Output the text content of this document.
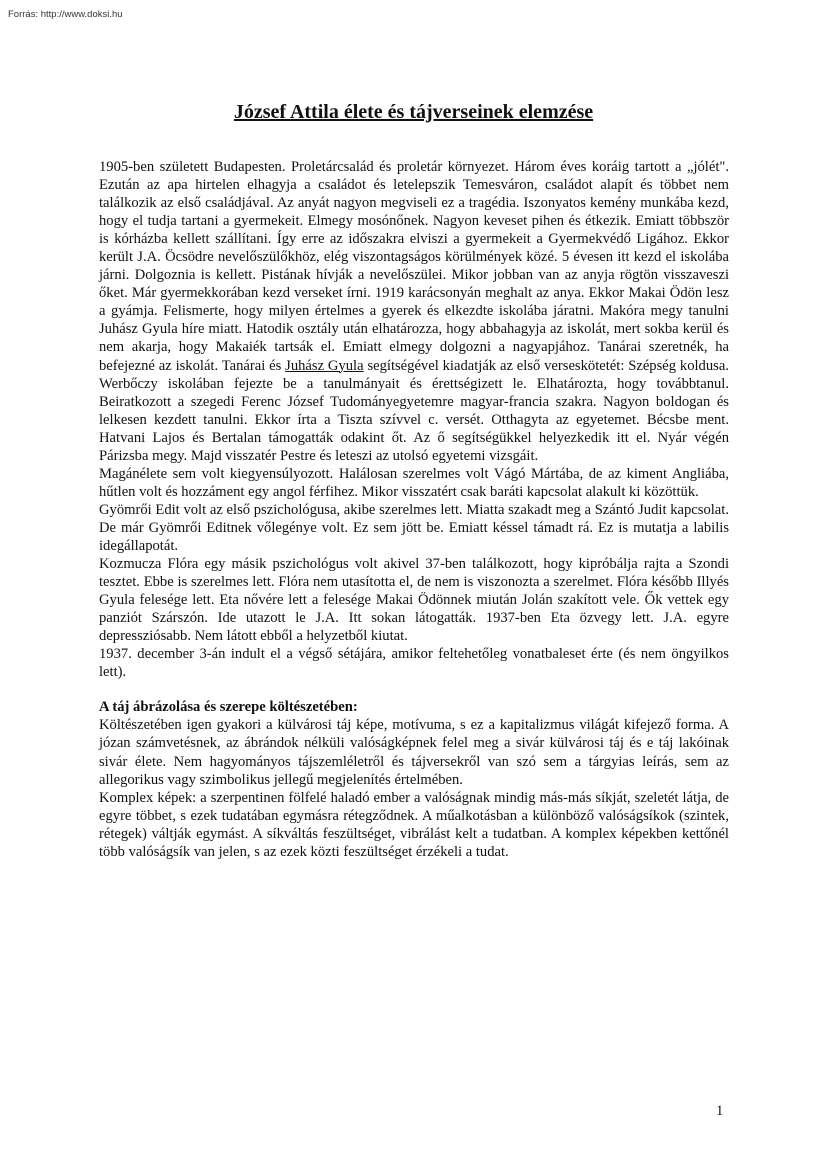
Forrás: http://www.doksi.hu
József Attila élete és tájverseinek elemzése

1905-ben született Budapesten. Proletárcsalád és proletár környezet. Három éves koráig tartott a „jólét". Ezután az apa hirtelen elhagyja a családot és letelepszik Temesváron, családot alapít és többet nem találkozik az első családjával. Az anyát nagyon megviseli ez a tragédia. Iszonyatos kemény munkába kezd, hogy el tudja tartani a gyermekeit. Elmegy mosónőnek. Nagyon keveset pihen és étkezik. Emiatt többször is kórházba kellett szállítani. Így erre az időszakra elviszi a gyermekeit a Gyermekvédő Ligához. Ekkor került J.A. Öcsödre nevelőszülőkhöz, elég viszontagságos körülmények közé. 5 évesen itt kezd el iskolába járni. Dolgoznia is kellett. Pistának hívják a nevelőszülei. Mikor jobban van az anyja rögtön visszaveszi őket. Már gyermekkorában kezd verseket írni. 1919 karácsonyán meghalt az anya. Ekkor Makai Ödön lesz a gyámja. Felismerte, hogy milyen értelmes a gyerek és elkezdte iskolába járatni. Makóra megy tanulni Juhász Gyula híre miatt. Hatodik osztály után elhatározza, hogy abbahagyja az iskolát, mert sokba kerül és nem akarja, hogy Makaiék tartsák el. Emiatt elmegy dolgozni a nagyapjához. Tanárai szeretnék, ha befejezné az iskolát. Tanárai és Juhász Gyula segítségével kiadatják az első verseskötetét: Szépség koldusa. Werbőczy iskolában fejezte be a tanulmányait és érettségizett le. Elhatározta, hogy továbbtanul. Beiratkozott a szegedi Ferenc József Tudományegyetemre magyar-francia szakra. Nagyon boldogan és lelkesen kezdett tanulni. Ekkor írta a Tiszta szívvel c. versét. Otthagyta az egyetemet. Bécsbe ment. Hatvani Lajos és Bertalan támogatták odakint őt. Az ő segítségükkel helyezkedik itt el. Nyár végén Párizsba megy. Majd visszatér Pestre és leteszi az utolsó egyetemi vizsgáit.

Magánélete sem volt kiegyensúlyozott. Halálosan szerelmes volt Vágó Mártába, de az kiment Angliába, hűtlen volt és hozzáment egy angol férfihez. Mikor visszatért csak baráti kapcsolat alakult ki közöttük.

Gyömrői Edit volt az első pszichológusa, akibe szerelmes lett. Miatta szakadt meg a Szántó Judit kapcsolat. De már Gyömrői Editnek vőlegénye volt. Ez sem jött be. Emiatt késsel támadt rá. Ez is mutatja a labilis idegállapotát.

Kozmucza Flóra egy másik pszichológus volt akivel 37-ben találkozott, hogy kipróbálja rajta a Szondi tesztet. Ebbe is szerelmes lett. Flóra nem utasította el, de nem is viszonozta a szerelmet. Flóra később Illyés Gyula felesége lett. Eta nővére lett a felesége Makai Ödönnek miután Jolán szakított vele. Ők vettek egy panziót Szárszón. Ide utazott le J.A. Itt sokan látogatták. 1937-ben Eta özvegy lett. J.A. egyre depressziósabb. Nem látott ebből a helyzetből kiutat.

1937. december 3-án indult el a végső sétájára, amikor feltehetőleg vonatbaleset érte (és nem öngyilkos lett).

A táj ábrázolása és szerepe költészetében:

Költészetében igen gyakori a külvárosi táj képe, motívuma, s ez a kapitalizmus világát kifejező forma. A józan számvetésnek, az ábrándok nélküli valóságképnek felel meg a sivár külvárosi táj és e táj lakóinak sivár élete. Nem hagyományos tájszemléletről és tájversekről van szó sem a tárgyias leírás, sem az allegorikus vagy szimbolikus jellegű megjelenítés értelmében.

Komplex képek: a szerpentinen fölfelé haladó ember a valóságnak mindig más-más síkját, szeletét látja, de egyre többet, s ezek tudatában egymásra rétegződnek. A műalkotásban a különböző valóságsíkok (szintek, rétegek) váltják egymást. A síkváltás feszültséget, vibrálást kelt a tudatban. A komplex képekben kettőnél több valóságsík van jelen, s az ezek közti feszültséget érzékeli a tudat.

1
